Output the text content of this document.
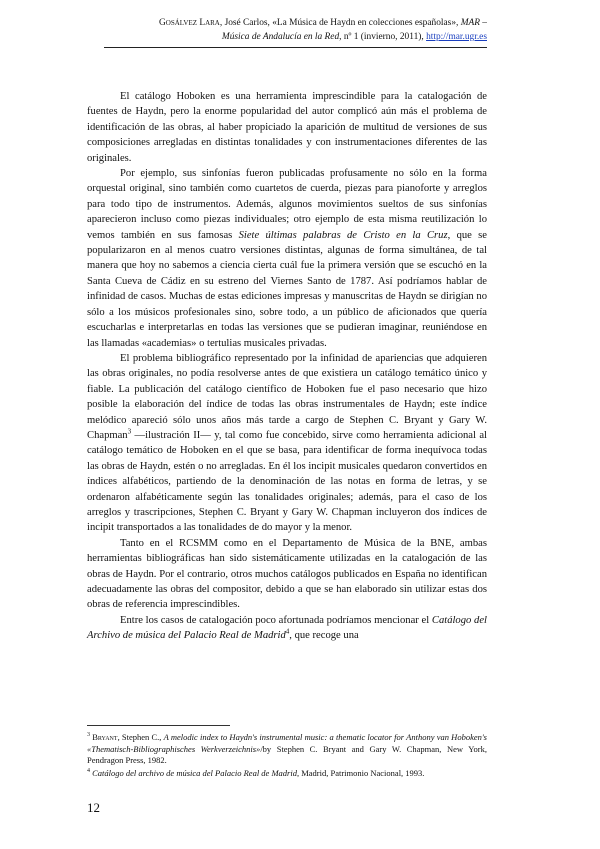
Gosálvez Lara, José Carlos, «La Música de Haydn en colecciones españolas», MAR – Música de Andalucía en la Red, nº 1 (invierno, 2011), http://mar.ugr.es

El catálogo Hoboken es una herramienta imprescindible para la catalogación de fuentes de Haydn, pero la enorme popularidad del autor complicó aún más el problema de identificación de las obras, al haber propiciado la aparición de multitud de versiones de sus composiciones arregladas en distintas tonalidades y con instrumentaciones diferentes de las originales.

Por ejemplo, sus sinfonías fueron publicadas profusamente no sólo en la forma orquestal original, sino también como cuartetos de cuerda, piezas para pianoforte y arreglos para todo tipo de instrumentos. Además, algunos movimientos sueltos de sus sinfonías aparecieron incluso como piezas individuales; otro ejemplo de esta misma reutilización lo vemos también en sus famosas Siete últimas palabras de Cristo en la Cruz, que se popularizaron en al menos cuatro versiones distintas, algunas de forma simultánea, de tal manera que hoy no sabemos a ciencia cierta cuál fue la primera versión que se escuchó en la Santa Cueva de Cádiz en su estreno del Viernes Santo de 1787. Así podríamos hablar de infinidad de casos. Muchas de estas ediciones impresas y manuscritas de Haydn se dirigían no sólo a los músicos profesionales sino, sobre todo, a un público de aficionados que quería escucharlas e interpretarlas en todas las versiones que se pudieran imaginar, reuniéndose en las llamadas «academias» o tertulias musicales privadas.

El problema bibliográfico representado por la infinidad de apariencias que adquieren las obras originales, no podía resolverse antes de que existiera un catálogo temático único y fiable. La publicación del catálogo científico de Hoboken fue el paso necesario que hizo posible la elaboración del índice de todas las obras instrumentales de Haydn; este índice melódico apareció sólo unos años más tarde a cargo de Stephen C. Bryant y Gary W. Chapman$^3$ —ilustración II— y, tal como fue concebido, sirve como herramienta adicional al catálogo temático de Hoboken en el que se basa, para identificar de forma inequívoca todas las obras de Haydn, estén o no arregladas. En él los incipit musicales quedaron convertidos en índices alfabéticos, partiendo de la denominación de las notas en forma de letras, y se ordenaron alfabéticamente según las tonalidades originales; además, para el caso de los arreglos y trascripciones, Stephen C. Bryant y Gary W. Chapman incluyeron dos índices de incipit transportados a las tonalidades de do mayor y la menor.

Tanto en el RCSMM como en el Departamento de Música de la BNE, ambas herramientas bibliográficas han sido sistemáticamente utilizadas en la catalogación de las obras de Haydn. Por el contrario, otros muchos catálogos publicados en España no identifican adecuadamente las obras del compositor, debido a que se han elaborado sin utilizar estas dos obras de referencia imprescindibles.

Entre los casos de catalogación poco afortunada podríamos mencionar el Catálogo del Archivo de música del Palacio Real de Madrid$^4$, que recoge una

$^3$ Bryant, Stephen C., A melodic index to Haydn's instrumental music: a thematic locator for Anthony van Hoboken's «Thematisch-Bibliographisches Werkverzeichnis»/by Stephen C. Bryant and Gary W. Chapman, New York, Pendragon Press, 1982.

$^4$ Catálogo del archivo de música del Palacio Real de Madrid, Madrid, Patrimonio Nacional, 1993.

12
